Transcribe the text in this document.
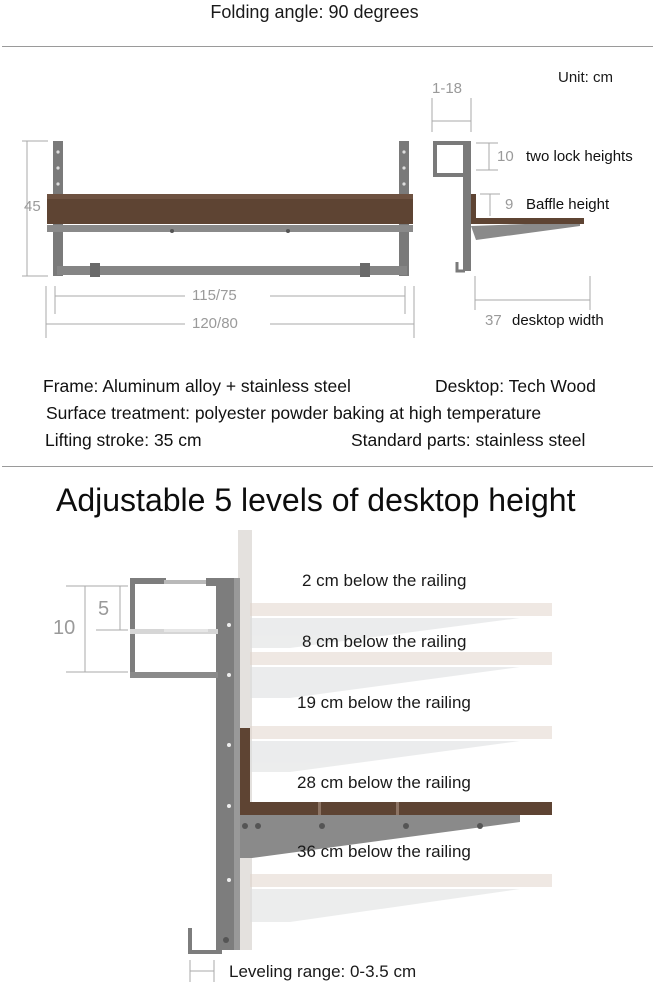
Folding angle: 90 degrees
45
115/75
120/80
Unit: cm
1-18
10 two lock heights
9 Baffle height
37 desktop width
Frame: Aluminum alloy + stainless steel	Desktop: Tech Wood
Surface treatment: polyester powder baking at high temperature
Lifting stroke: 35 cm	Standard parts: stainless steel
Adjustable 5 levels of desktop height
10
5
2 cm below the railing
8 cm below the railing
19 cm below the railing
28 cm below the railing
36 cm below the railing
Leveling range: 0-3.5 cm
